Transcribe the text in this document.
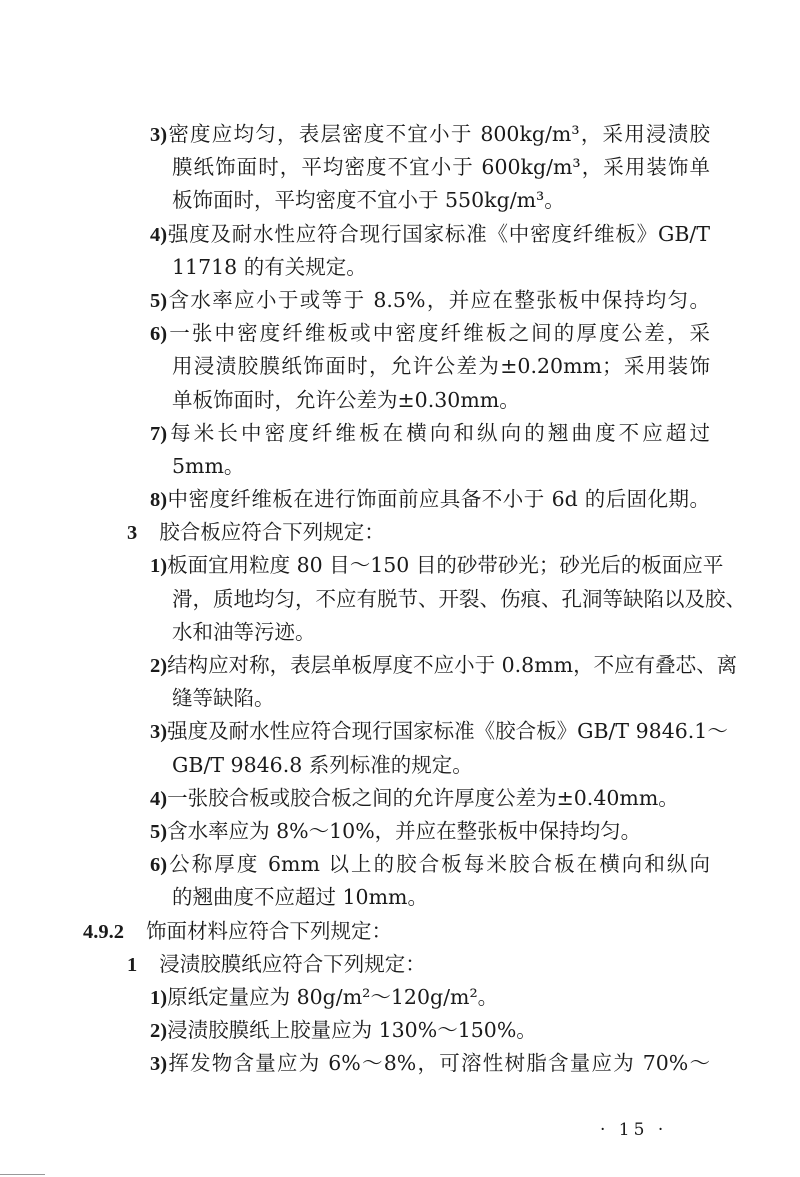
3)密度应均匀，表层密度不宜小于 800kg/m³，采用浸渍胶
膜纸饰面时，平均密度不宜小于 600kg/m³，采用装饰单
板饰面时，平均密度不宜小于 550kg/m³。
4)强度及耐水性应符合现行国家标准《中密度纤维板》GB/T
11718 的有关规定。
5)含水率应小于或等于 8.5%，并应在整张板中保持均匀。
6)一张中密度纤维板或中密度纤维板之间的厚度公差，采
用浸渍胶膜纸饰面时，允许公差为±0.20mm；采用装饰
单板饰面时，允许公差为±0.30mm。
7)每米长中密度纤维板在横向和纵向的翘曲度不应超过
5mm。
8)中密度纤维板在进行饰面前应具备不小于 6d 的后固化期。
3 胶合板应符合下列规定：
1)板面宜用粒度 80 目～150 目的砂带砂光；砂光后的板面应平
滑，质地均匀，不应有脱节、开裂、伤痕、孔洞等缺陷以及胶、
水和油等污迹。
2)结构应对称，表层单板厚度不应小于 0.8mm，不应有叠芯、离
缝等缺陷。
3)强度及耐水性应符合现行国家标准《胶合板》GB/T 9846.1～
GB/T 9846.8 系列标准的规定。
4)一张胶合板或胶合板之间的允许厚度公差为±0.40mm。
5)含水率应为 8%～10%，并应在整张板中保持均匀。
6)公称厚度 6mm 以上的胶合板每米胶合板在横向和纵向
的翘曲度不应超过 10mm。
4.9.2 饰面材料应符合下列规定：
1 浸渍胶膜纸应符合下列规定：
1)原纸定量应为 80g/m²～120g/m²。
2)浸渍胶膜纸上胶量应为 130%～150%。
3)挥发物含量应为 6%～8%，可溶性树脂含量应为 70%～
· 15 ·
